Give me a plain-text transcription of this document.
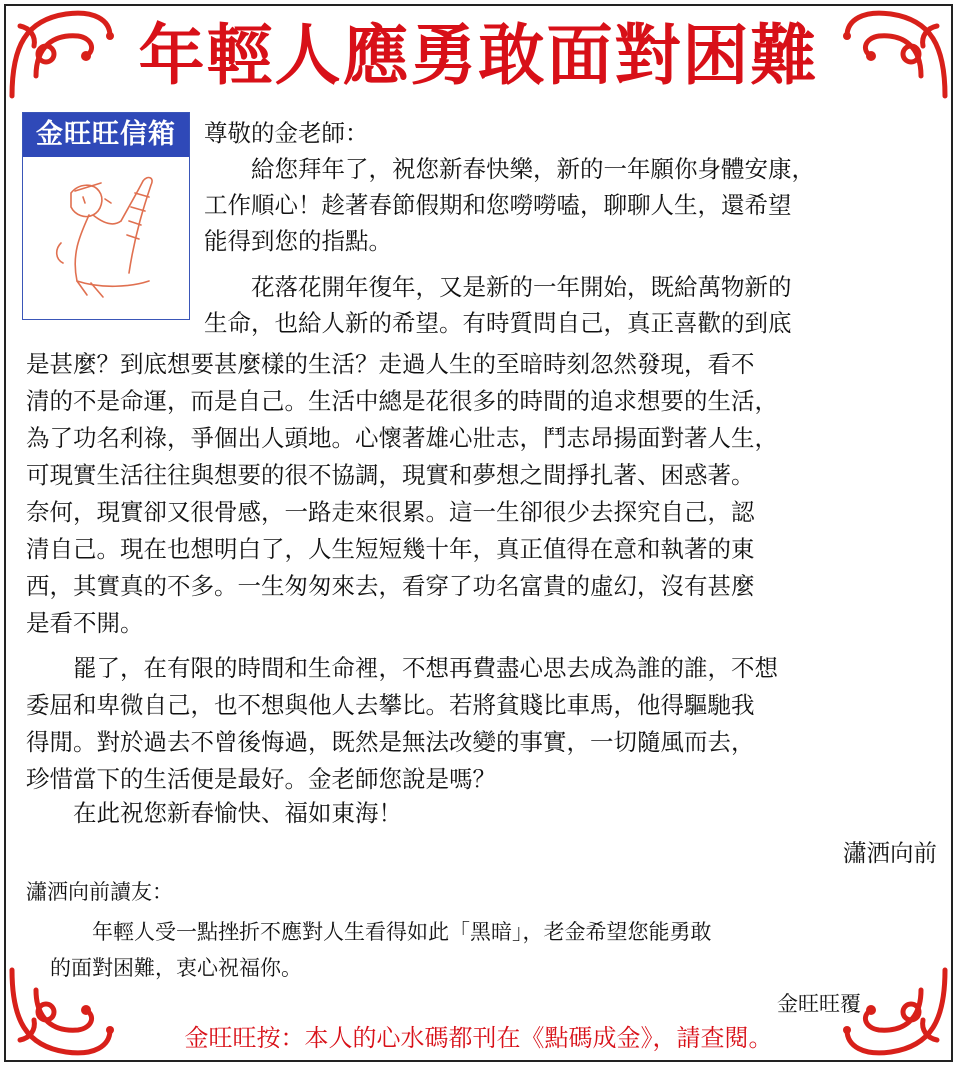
年輕人應勇敢面對困難
金旺旺信箱	尊敬的金老師：
給您拜年了，祝您新春快樂，新的一年願你身體安康，
工作順心！趁著春節假期和您嘮嘮嗑，聊聊人生，還希望
能得到您的指點。
花落花開年復年，又是新的一年開始，既給萬物新的
生命，也給人新的希望。有時質問自己，真正喜歡的到底
是甚麼？到底想要甚麼樣的生活？走過人生的至暗時刻忽然發現，看不
清的不是命運，而是自己。生活中總是花很多的時間的追求想要的生活，
為了功名利祿，爭個出人頭地。心懷著雄心壯志，鬥志昂揚面對著人生，
可現實生活往往與想要的很不協調，現實和夢想之間掙扎著、困惑著。
奈何，現實卻又很骨感，一路走來很累。這一生卻很少去探究自己，認
清自己。現在也想明白了，人生短短幾十年，真正值得在意和執著的東
西，其實真的不多。一生匆匆來去，看穿了功名富貴的虛幻，沒有甚麼
是看不開。
罷了，在有限的時間和生命裡，不想再費盡心思去成為誰的誰，不想
委屈和卑微自己，也不想與他人去攀比。若將貧賤比車馬，他得驅馳我
得閒。對於過去不曾後悔過，既然是無法改變的事實，一切隨風而去，
珍惜當下的生活便是最好。金老師您說是嗎？
在此祝您新春愉快、福如東海！
瀟洒向前
瀟洒向前讀友：
年輕人受一點挫折不應對人生看得如此「黑暗」，老金希望您能勇敢
的面對困難，衷心祝福你。
金旺旺覆
金旺旺按：本人的心水碼都刊在《點碼成金》，請查閱。
